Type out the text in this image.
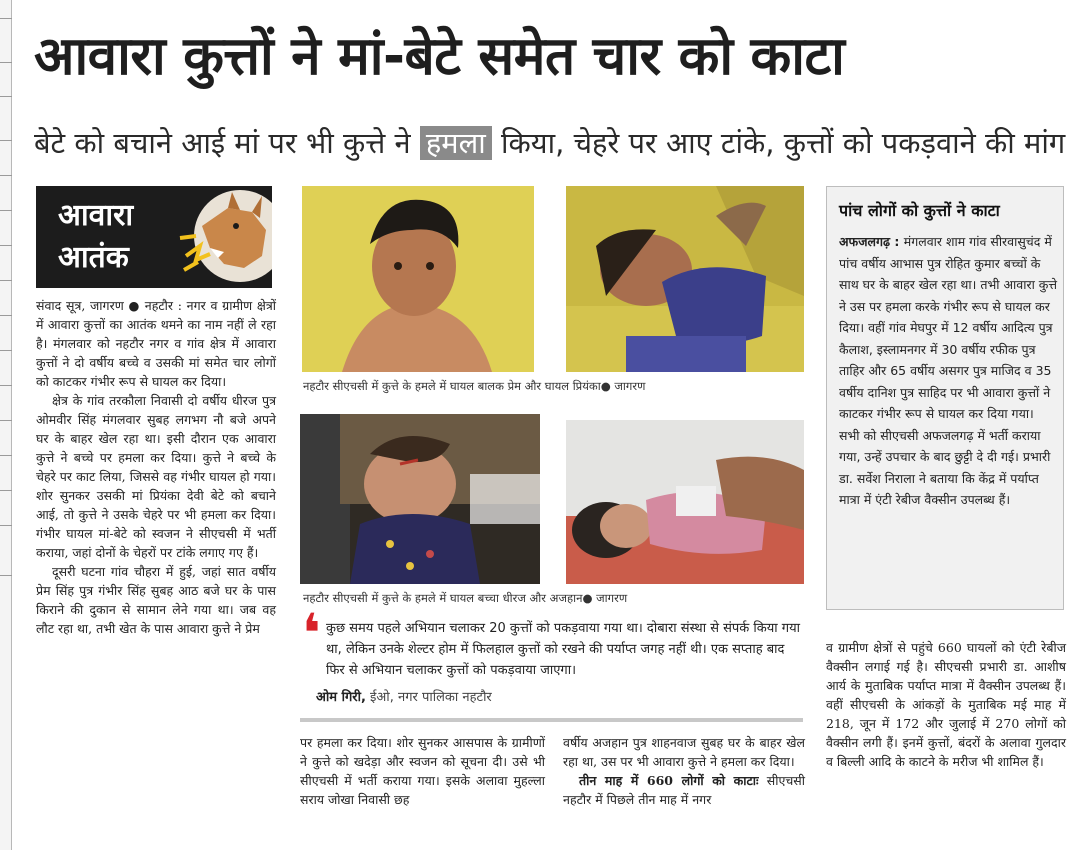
आवारा कुत्तों ने मां-बेटे समेत चार को काटा
बेटे को बचाने आई मां पर भी कुत्ते ने हमला किया, चेहरे पर आए टांके, कुत्तों को पकड़वाने की मांग
आवारा
आतंक

संवाद सूत्र, जागरण ● नहटौर : नगर व ग्रामीण क्षेत्रों में आवारा कुत्तों का आतंक थमने का नाम नहीं ले रहा है। मंगलवार को नहटौर नगर व गांव क्षेत्र में आवारा कुत्तों ने दो वर्षीय बच्चे व उसकी मां समेत चार लोगों को काटकर गंभीर रूप से घायल कर दिया।

क्षेत्र के गांव तरकौला निवासी दो वर्षीय धीरज पुत्र ओमवीर सिंह मंगलवार सुबह लगभग नौ बजे अपने घर के बाहर खेल रहा था। इसी दौरान एक आवारा कुत्ते ने बच्चे पर हमला कर दिया। कुत्ते ने बच्चे के चेहरे पर काट लिया, जिससे वह गंभीर घायल हो गया। शोर सुनकर उसकी मां प्रियंका देवी बेटे को बचाने आई, तो कुत्ते ने उसके चेहरे पर भी हमला कर दिया। गंभीर घायल मां-बेटे को स्वजन ने सीएचसी में भर्ती कराया, जहां दोनों के चेहरों पर टांके लगाए गए हैं।

दूसरी घटना गांव चौहरा में हुई, जहां सात वर्षीय प्रेम सिंह पुत्र गंभीर सिंह सुबह आठ बजे घर के पास किराने की दुकान से सामान लेने गया था। जब वह लौट रहा था, तभी खेत के पास आवारा कुत्ते ने प्रेम

नहटौर सीएचसी में कुत्ते के हमले में घायल बालक प्रेम और घायल प्रियंका● जागरण
नहटौर सीएचसी में कुत्ते के हमले में घायल बच्चा धीरज और अजहान● जागरण
❛ कुछ समय पहले अभियान चलाकर 20 कुत्तों को पकड़वाया गया था। दोबारा संस्था से संपर्क किया गया था, लेकिन उनके शेल्टर होम में फिलहाल कुत्तों को रखने की पर्याप्त जगह नहीं थी। एक सप्ताह बाद फिर से अभियान चलाकर कुत्तों को पकड़वाया जाएगा।
ओम गिरी, ईओ, नगर पालिका नहटौर

पर हमला कर दिया। शोर सुनकर आसपास के ग्रामीणों ने कुत्ते को खदेड़ा और स्वजन को सूचना दी। उसे भी सीएचसी में भर्ती कराया गया। इसके अलावा मुहल्ला सराय जोखा निवासी छह

वर्षीय अजहान पुत्र शाहनवाज सुबह घर के बाहर खेल रहा था, उस पर भी आवारा कुत्ते ने हमला कर दिया।

तीन माह में 660 लोगों को काटाः सीएचसी नहटौर में पिछले तीन माह में नगर

पांच लोगों को कुत्तों ने काटा
अफजलगढ़ : मंगलवार शाम गांव सीरवासुचंद में पांच वर्षीय आभास पुत्र रोहित कुमार बच्चों के साथ घर के बाहर खेल रहा था। तभी आवारा कुत्ते ने उस पर हमला करके गंभीर रूप से घायल कर दिया। वहीं गांव मेघपुर में 12 वर्षीय आदित्य पुत्र कैलाश, इस्लामनगर में 30 वर्षीय रफीक पुत्र ताहिर और 65 वर्षीय असगर पुत्र माजिद व 35 वर्षीय दानिश पुत्र साहिद पर भी आवारा कुत्तों ने काटकर गंभीर रूप से घायल कर दिया गया। सभी को सीएचसी अफजलगढ़ में भर्ती कराया गया, उन्हें उपचार के बाद छुट्टी दे दी गई। प्रभारी डा. सर्वेश निराला ने बताया कि केंद्र में पर्याप्त मात्रा में एंटी रेबीज वैक्सीन उपलब्ध हैं।

व ग्रामीण क्षेत्रों से पहुंचे 660 घायलों को एंटी रेबीज वैक्सीन लगाई गई है। सीएचसी प्रभारी डा. आशीष आर्य के मुताबिक पर्याप्त मात्रा में वैक्सीन उपलब्ध हैं। वहीं सीएचसी के आंकड़ों के मुताबिक मई माह में 218, जून में 172 और जुलाई में 270 लोगों को वैक्सीन लगी हैं। इनमें कुत्तों, बंदरों के अलावा गुलदार व बिल्ली आदि के काटने के मरीज भी शामिल हैं।
